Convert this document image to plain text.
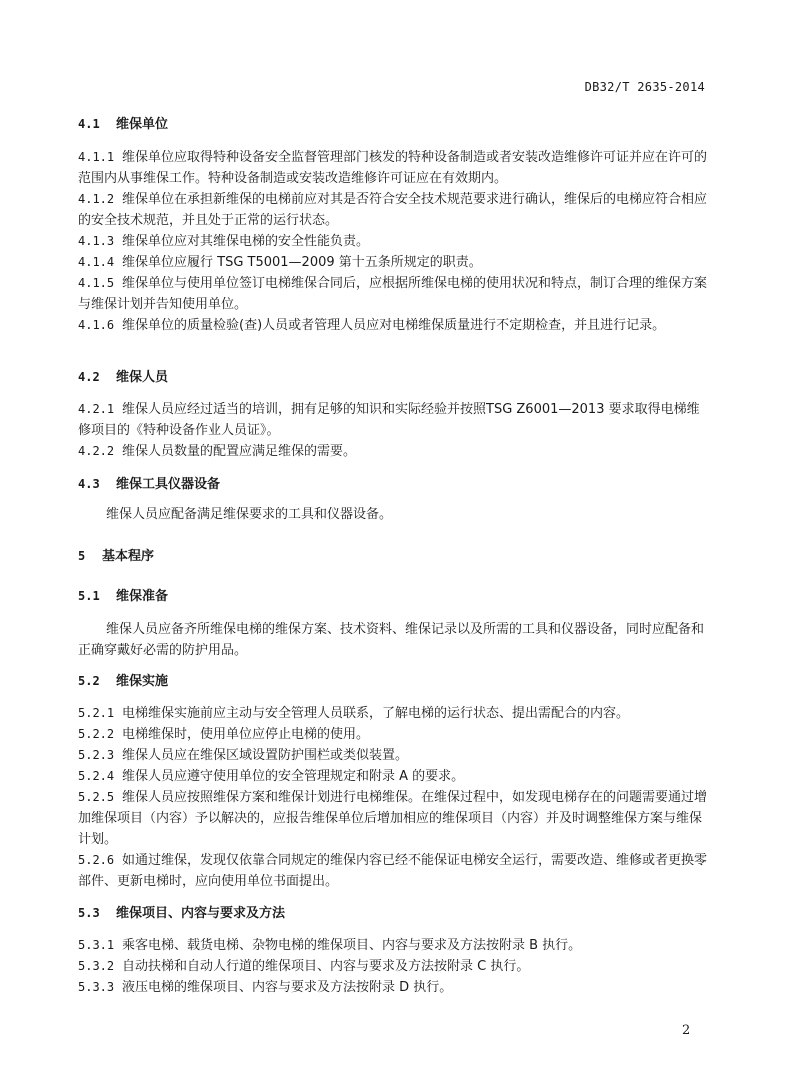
DB32/T 2635-2014
4.1 维保单位
4.1.1 维保单位应取得特种设备安全监督管理部门核发的特种设备制造或者安装改造维修许可证并应在许可的范围内从事维保工作。特种设备制造或安装改造维修许可证应在有效期内。
4.1.2 维保单位在承担新维保的电梯前应对其是否符合安全技术规范要求进行确认，维保后的电梯应符合相应的安全技术规范，并且处于正常的运行状态。
4.1.3 维保单位应对其维保电梯的安全性能负责。
4.1.4 维保单位应履行 TSG T5001—2009 第十五条所规定的职责。
4.1.5 维保单位与使用单位签订电梯维保合同后，应根据所维保电梯的使用状况和特点，制订合理的维保方案与维保计划并告知使用单位。
4.1.6 维保单位的质量检验(查)人员或者管理人员应对电梯维保质量进行不定期检查，并且进行记录。
4.2 维保人员
4.2.1 维保人员应经过适当的培训，拥有足够的知识和实际经验并按照TSG Z6001—2013 要求取得电梯维修项目的《特种设备作业人员证》。
4.2.2 维保人员数量的配置应满足维保的需要。
4.3 维保工具仪器设备
维保人员应配备满足维保要求的工具和仪器设备。
5 基本程序
5.1 维保准备
维保人员应备齐所维保电梯的维保方案、技术资料、维保记录以及所需的工具和仪器设备，同时应配备和正确穿戴好必需的防护用品。
5.2 维保实施
5.2.1 电梯维保实施前应主动与安全管理人员联系，了解电梯的运行状态、提出需配合的内容。
5.2.2 电梯维保时，使用单位应停止电梯的使用。
5.2.3 维保人员应在维保区域设置防护围栏或类似装置。
5.2.4 维保人员应遵守使用单位的安全管理规定和附录 A 的要求。
5.2.5 维保人员应按照维保方案和维保计划进行电梯维保。在维保过程中，如发现电梯存在的问题需要通过增加维保项目（内容）予以解决的，应报告维保单位后增加相应的维保项目（内容）并及时调整维保方案与维保计划。
5.2.6 如通过维保，发现仅依靠合同规定的维保内容已经不能保证电梯安全运行，需要改造、维修或者更换零部件、更新电梯时，应向使用单位书面提出。
5.3 维保项目、内容与要求及方法
5.3.1 乘客电梯、载货电梯、杂物电梯的维保项目、内容与要求及方法按附录 B 执行。
5.3.2 自动扶梯和自动人行道的维保项目、内容与要求及方法按附录 C 执行。
5.3.3 液压电梯的维保项目、内容与要求及方法按附录 D 执行。
2
